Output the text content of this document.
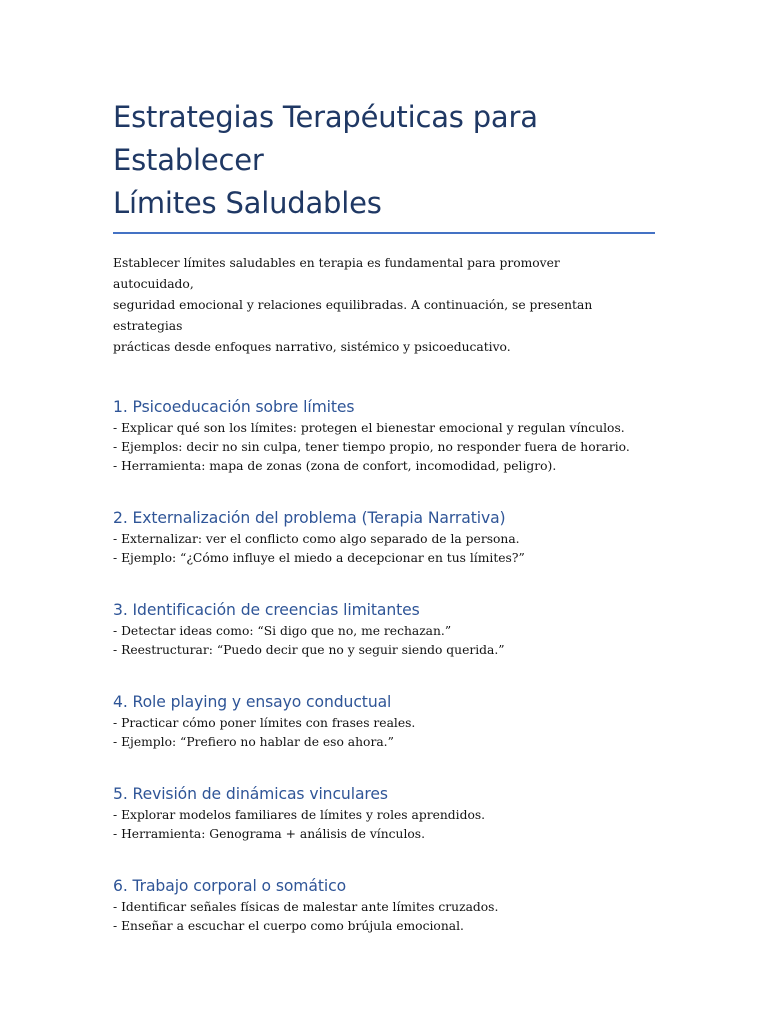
Estrategias Terapéuticas para Establecer
Límites Saludables

Establecer límites saludables en terapia es fundamental para promover autocuidado,
seguridad emocional y relaciones equilibradas. A continuación, se presentan estrategias
prácticas desde enfoques narrativo, sistémico y psicoeducativo.

1. Psicoeducación sobre límites

- Explicar qué son los límites: protegen el bienestar emocional y regulan vínculos.

- Ejemplos: decir no sin culpa, tener tiempo propio, no responder fuera de horario.

- Herramienta: mapa de zonas (zona de confort, incomodidad, peligro).

2. Externalización del problema (Terapia Narrativa)

- Externalizar: ver el conflicto como algo separado de la persona.

- Ejemplo: “¿Cómo influye el miedo a decepcionar en tus límites?”

3. Identificación de creencias limitantes

- Detectar ideas como: “Si digo que no, me rechazan.”

- Reestructurar: “Puedo decir que no y seguir siendo querida.”

4. Role playing y ensayo conductual

- Practicar cómo poner límites con frases reales.

- Ejemplo: “Prefiero no hablar de eso ahora.”

5. Revisión de dinámicas vinculares

- Explorar modelos familiares de límites y roles aprendidos.

- Herramienta: Genograma + análisis de vínculos.

6. Trabajo corporal o somático

- Identificar señales físicas de malestar ante límites cruzados.

- Enseñar a escuchar el cuerpo como brújula emocional.
